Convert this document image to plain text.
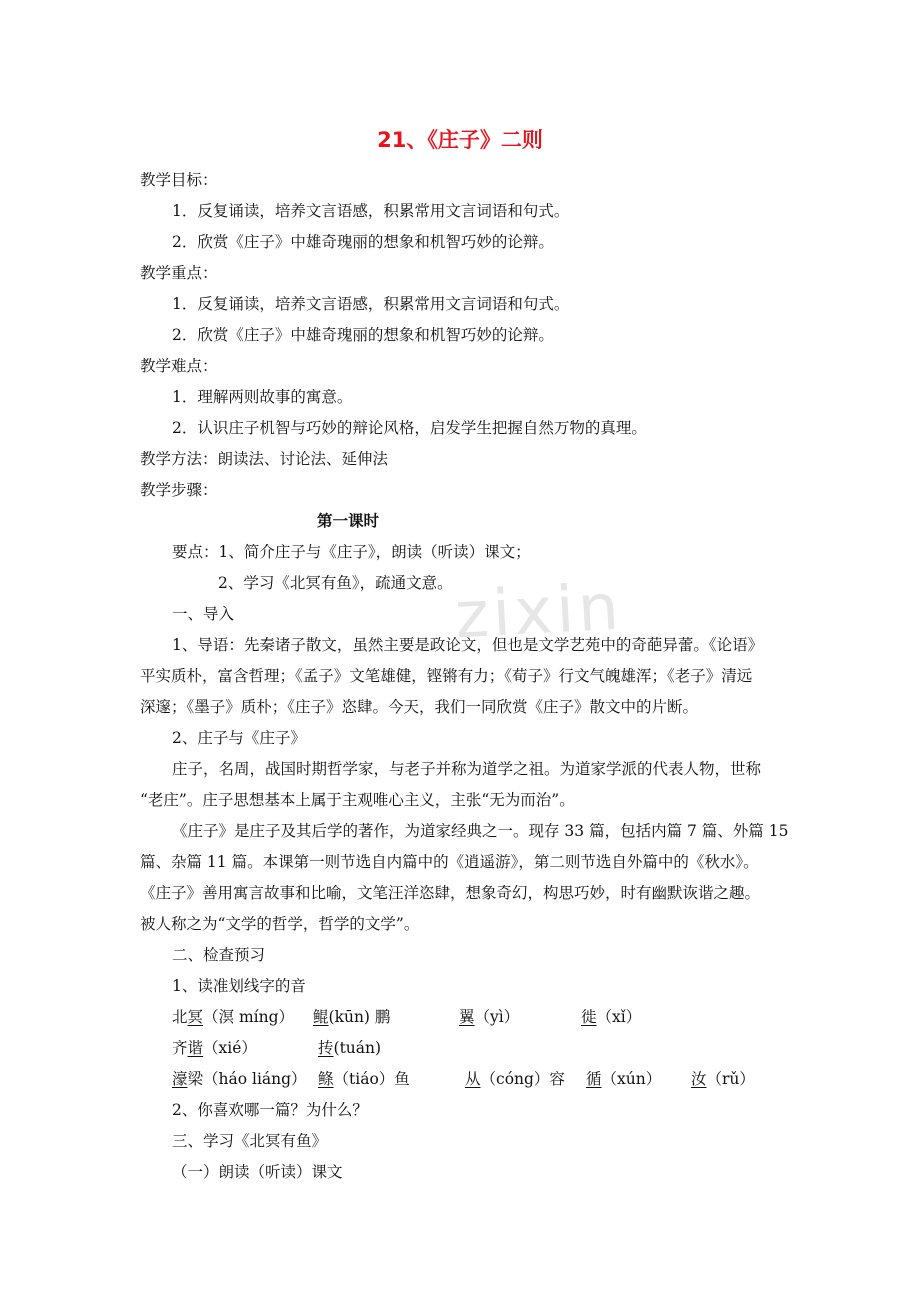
zixin
21、《庄子》二则
教学目标：
1．反复诵读，培养文言语感，积累常用文言词语和句式。
2．欣赏《庄子》中雄奇瑰丽的想象和机智巧妙的论辩。
教学重点：
1．反复诵读，培养文言语感，积累常用文言词语和句式。
2．欣赏《庄子》中雄奇瑰丽的想象和机智巧妙的论辩。
教学难点：
1．理解两则故事的寓意。
2．认识庄子机智与巧妙的辩论风格，启发学生把握自然万物的真理。
教学方法：朗读法、讨论法、延伸法
教学步骤：
第一课时
要点：1、简介庄子与《庄子》，朗读（听读）课文；
2、学习《北冥有鱼》，疏通文意。
一、导入
1、导语：先秦诸子散文，虽然主要是政论文，但也是文学艺苑中的奇葩异蕾。《论语》
平实质朴，富含哲理；《孟子》文笔雄健，铿锵有力；《荀子》行文气魄雄浑；《老子》清远
深邃；《墨子》质朴；《庄子》恣肆。今天，我们一同欣赏《庄子》散文中的片断。
2、庄子与《庄子》
庄子，名周，战国时期哲学家，与老子并称为道学之祖。为道家学派的代表人物，世称
“老庄”。庄子思想基本上属于主观唯心主义，主张“无为而治”。
《庄子》是庄子及其后学的著作，为道家经典之一。现存 33 篇，包括内篇 7 篇、外篇 15
篇、杂篇 11 篇。本课第一则节选自内篇中的《逍遥游》，第二则节选自外篇中的《秋水》。
《庄子》善用寓言故事和比喻，文笔汪洋恣肆，想象奇幻，构思巧妙，时有幽默诙谐之趣。
被人称之为“文学的哲学，哲学的文学”。
二、检查预习
1、读准划线字的音
北冥（溟 míng） 鲲(kūn) 鹏	翼（yì）	徙（xǐ）
齐谐（xié）	抟(tuán)
濠梁（háo liáng） 鲦（tiáo）鱼	从（cóng）容 循（xún） 汝（rǔ）
2、你喜欢哪一篇？为什么？
三、学习《北冥有鱼》
（一）朗读（听读）课文
